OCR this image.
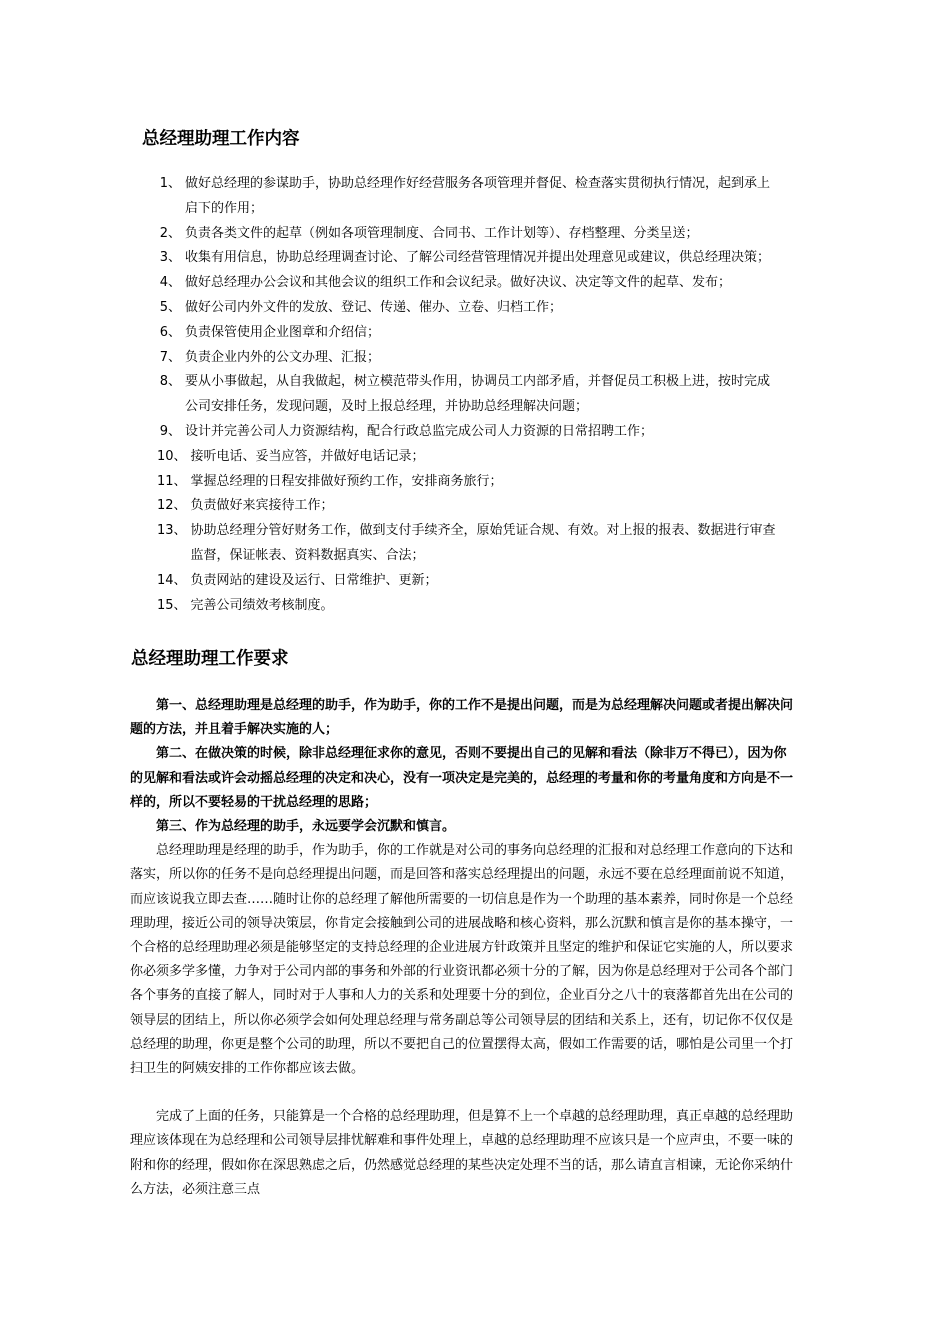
总经理助理工作内容
1、 做好总经理的参谋助手，协助总经理作好经营服务各项管理并督促、检查落实贯彻执行情况，起到承上
启下的作用；
2、 负责各类文件的起草（例如各项管理制度、合同书、工作计划等）、存档整理、分类呈送；
3、 收集有用信息，协助总经理调查讨论、了解公司经营管理情况并提出处理意见或建议，供总经理决策；
4、 做好总经理办公会议和其他会议的组织工作和会议纪录。做好决议、决定等文件的起草、发布；
5、 做好公司内外文件的发放、登记、传递、催办、立卷、归档工作；
6、 负责保管使用企业图章和介绍信；
7、 负责企业内外的公文办理、汇报；
8、 要从小事做起，从自我做起，树立模范带头作用，协调员工内部矛盾，并督促员工积极上进，按时完成
公司安排任务，发现问题，及时上报总经理，并协助总经理解决问题；
9、 设计并完善公司人力资源结构，配合行政总监完成公司人力资源的日常招聘工作；
10、 接听电话、妥当应答，并做好电话记录；
11、 掌握总经理的日程安排做好预约工作，安排商务旅行；
12、 负责做好来宾接待工作；
13、 协助总经理分管好财务工作，做到支付手续齐全，原始凭证合规、有效。对上报的报表、数据进行审查
监督，保证帐表、资料数据真实、合法；
14、 负责网站的建设及运行、日常维护、更新；
15、 完善公司绩效考核制度。
总经理助理工作要求

　　第一、总经理助理是总经理的助手，作为助手，你的工作不是提出问题，而是为总经理解决问题或者提出解决问
题的方法，并且着手解决实施的人；

　　第二、在做决策的时候，除非总经理征求你的意见，否则不要提出自己的见解和看法（除非万不得已），因为你
的见解和看法或许会动摇总经理的决定和决心，没有一项决定是完美的，总经理的考量和你的考量角度和方向是不一
样的，所以不要轻易的干扰总经理的思路；

　　第三、作为总经理的助手，永远要学会沉默和慎言。

　　总经理助理是经理的助手，作为助手，你的工作就是对公司的事务向总经理的汇报和对总经理工作意向的下达和
落实，所以你的任务不是向总经理提出问题，而是回答和落实总经理提出的问题，永远不要在总经理面前说不知道，
而应该说我立即去查……随时让你的总经理了解他所需要的一切信息是作为一个助理的基本素养，同时你是一个总经
理助理，接近公司的领导决策层，你肯定会接触到公司的进展战略和核心资料，那么沉默和慎言是你的基本操守，一
个合格的总经理助理必须是能够坚定的支持总经理的企业进展方针政策并且坚定的维护和保证它实施的人，所以要求
你必须多学多懂，力争对于公司内部的事务和外部的行业资讯都必须十分的了解，因为你是总经理对于公司各个部门
各个事务的直接了解人，同时对于人事和人力的关系和处理要十分的到位，企业百分之八十的衰落都首先出在公司的
领导层的团结上，所以你必须学会如何处理总经理与常务副总等公司领导层的团结和关系上，还有，切记你不仅仅是
总经理的助理，你更是整个公司的助理，所以不要把自己的位置摆得太高，假如工作需要的话，哪怕是公司里一个打
扫卫生的阿姨安排的工作你都应该去做。

　　完成了上面的任务，只能算是一个合格的总经理助理，但是算不上一个卓越的总经理助理，真正卓越的总经理助
理应该体现在为总经理和公司领导层排忧解难和事件处理上，卓越的总经理助理不应该只是一个应声虫，不要一味的
附和你的经理，假如你在深思熟虑之后，仍然感觉总经理的某些决定处理不当的话，那么请直言相谏，无论你采纳什
么方法，必须注意三点
